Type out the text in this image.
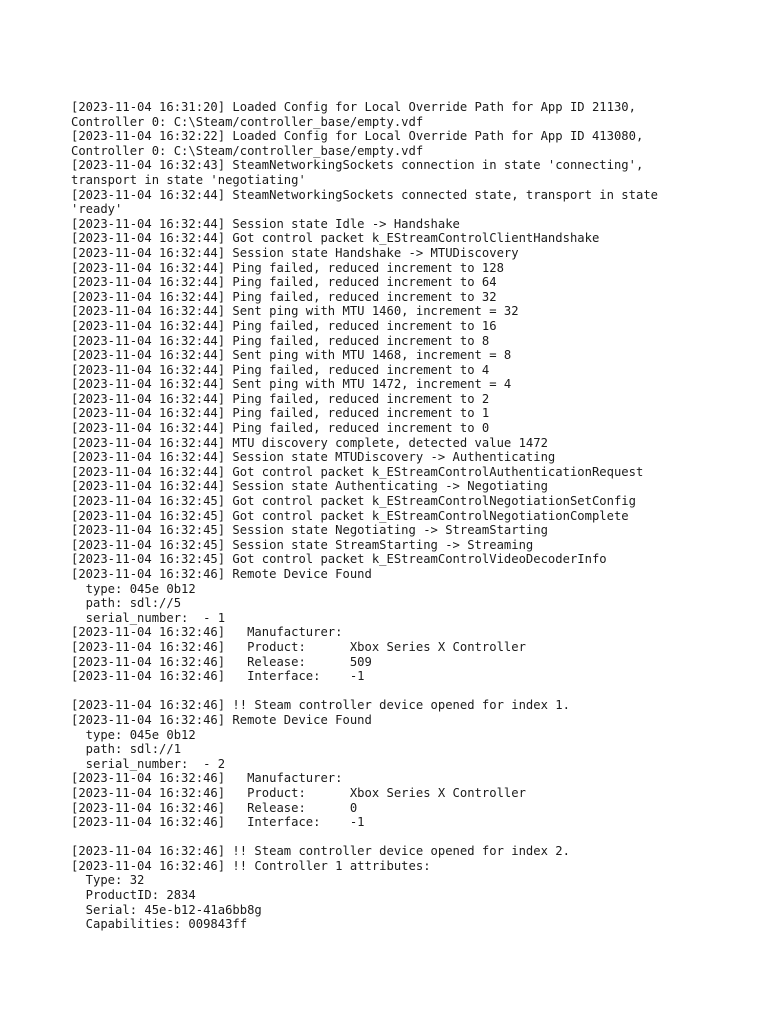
[2023-11-04 16:31:20] Loaded Config for Local Override Path for App ID 21130,
Controller 0: C:\Steam/controller_base/empty.vdf
[2023-11-04 16:32:22] Loaded Config for Local Override Path for App ID 413080,
Controller 0: C:\Steam/controller_base/empty.vdf
[2023-11-04 16:32:43] SteamNetworkingSockets connection in state 'connecting',
transport in state 'negotiating'
[2023-11-04 16:32:44] SteamNetworkingSockets connected state, transport in state
'ready'
[2023-11-04 16:32:44] Session state Idle -> Handshake
[2023-11-04 16:32:44] Got control packet k_EStreamControlClientHandshake
[2023-11-04 16:32:44] Session state Handshake -> MTUDiscovery
[2023-11-04 16:32:44] Ping failed, reduced increment to 128
[2023-11-04 16:32:44] Ping failed, reduced increment to 64
[2023-11-04 16:32:44] Ping failed, reduced increment to 32
[2023-11-04 16:32:44] Sent ping with MTU 1460, increment = 32
[2023-11-04 16:32:44] Ping failed, reduced increment to 16
[2023-11-04 16:32:44] Ping failed, reduced increment to 8
[2023-11-04 16:32:44] Sent ping with MTU 1468, increment = 8
[2023-11-04 16:32:44] Ping failed, reduced increment to 4
[2023-11-04 16:32:44] Sent ping with MTU 1472, increment = 4
[2023-11-04 16:32:44] Ping failed, reduced increment to 2
[2023-11-04 16:32:44] Ping failed, reduced increment to 1
[2023-11-04 16:32:44] Ping failed, reduced increment to 0
[2023-11-04 16:32:44] MTU discovery complete, detected value 1472
[2023-11-04 16:32:44] Session state MTUDiscovery -> Authenticating
[2023-11-04 16:32:44] Got control packet k_EStreamControlAuthenticationRequest
[2023-11-04 16:32:44] Session state Authenticating -> Negotiating
[2023-11-04 16:32:45] Got control packet k_EStreamControlNegotiationSetConfig
[2023-11-04 16:32:45] Got control packet k_EStreamControlNegotiationComplete
[2023-11-04 16:32:45] Session state Negotiating -> StreamStarting
[2023-11-04 16:32:45] Session state StreamStarting -> Streaming
[2023-11-04 16:32:45] Got control packet k_EStreamControlVideoDecoderInfo
[2023-11-04 16:32:46] Remote Device Found
type: 045e 0b12
path: sdl://5
serial_number:  - 1
[2023-11-04 16:32:46]   Manufacturer:
[2023-11-04 16:32:46]   Product:      Xbox Series X Controller
[2023-11-04 16:32:46]   Release:      509
[2023-11-04 16:32:46]   Interface:    -1
[2023-11-04 16:32:46] !! Steam controller device opened for index 1.
[2023-11-04 16:32:46] Remote Device Found
type: 045e 0b12
path: sdl://1
serial_number:  - 2
[2023-11-04 16:32:46]   Manufacturer:
[2023-11-04 16:32:46]   Product:      Xbox Series X Controller
[2023-11-04 16:32:46]   Release:      0
[2023-11-04 16:32:46]   Interface:    -1
[2023-11-04 16:32:46] !! Steam controller device opened for index 2.
[2023-11-04 16:32:46] !! Controller 1 attributes:
Type: 32
ProductID: 2834
Serial: 45e-b12-41a6bb8g
Capabilities: 009843ff
